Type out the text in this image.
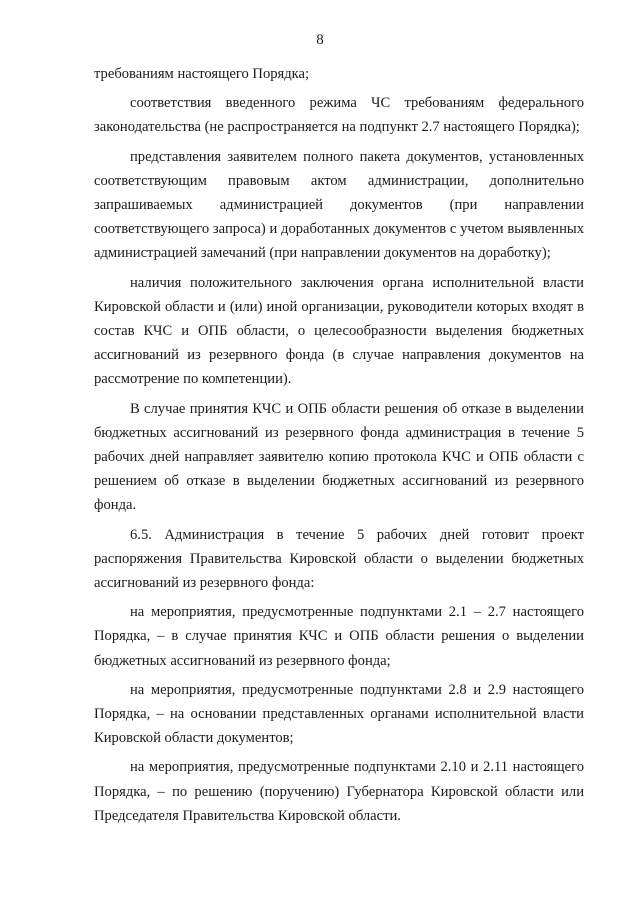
8

требованиям настоящего Порядка;

соответствия введенного режима ЧС требованиям федерального законодательства (не распространяется на подпункт 2.7 настоящего Порядка);

представления заявителем полного пакета документов, установленных соответствующим правовым актом администрации, дополнительно запрашиваемых администрацией документов (при направлении соответствующего запроса) и доработанных документов с учетом выявленных администрацией замечаний (при направлении документов на доработку);

наличия положительного заключения органа исполнительной власти Кировской области и (или) иной организации, руководители которых входят в состав КЧС и ОПБ области, о целесообразности выделения бюджетных ассигнований из резервного фонда (в случае направления документов на рассмотрение по компетенции).

В случае принятия КЧС и ОПБ области решения об отказе в выделении бюджетных ассигнований из резервного фонда администрация в течение 5 рабочих дней направляет заявителю копию протокола КЧС и ОПБ области с решением об отказе в выделении бюджетных ассигнований из резервного фонда.

6.5. Администрация в течение 5 рабочих дней готовит проект распоряжения Правительства Кировской области о выделении бюджетных ассигнований из резервного фонда:

на мероприятия, предусмотренные подпунктами 2.1 – 2.7 настоящего Порядка, – в случае принятия КЧС и ОПБ области решения о выделении бюджетных ассигнований из резервного фонда;

на мероприятия, предусмотренные подпунктами 2.8 и 2.9 настоящего Порядка, – на основании представленных органами исполнительной власти Кировской области документов;

на мероприятия, предусмотренные подпунктами 2.10 и 2.11 настоящего Порядка, – по решению (поручению) Губернатора Кировской области или Председателя Правительства Кировской области.
